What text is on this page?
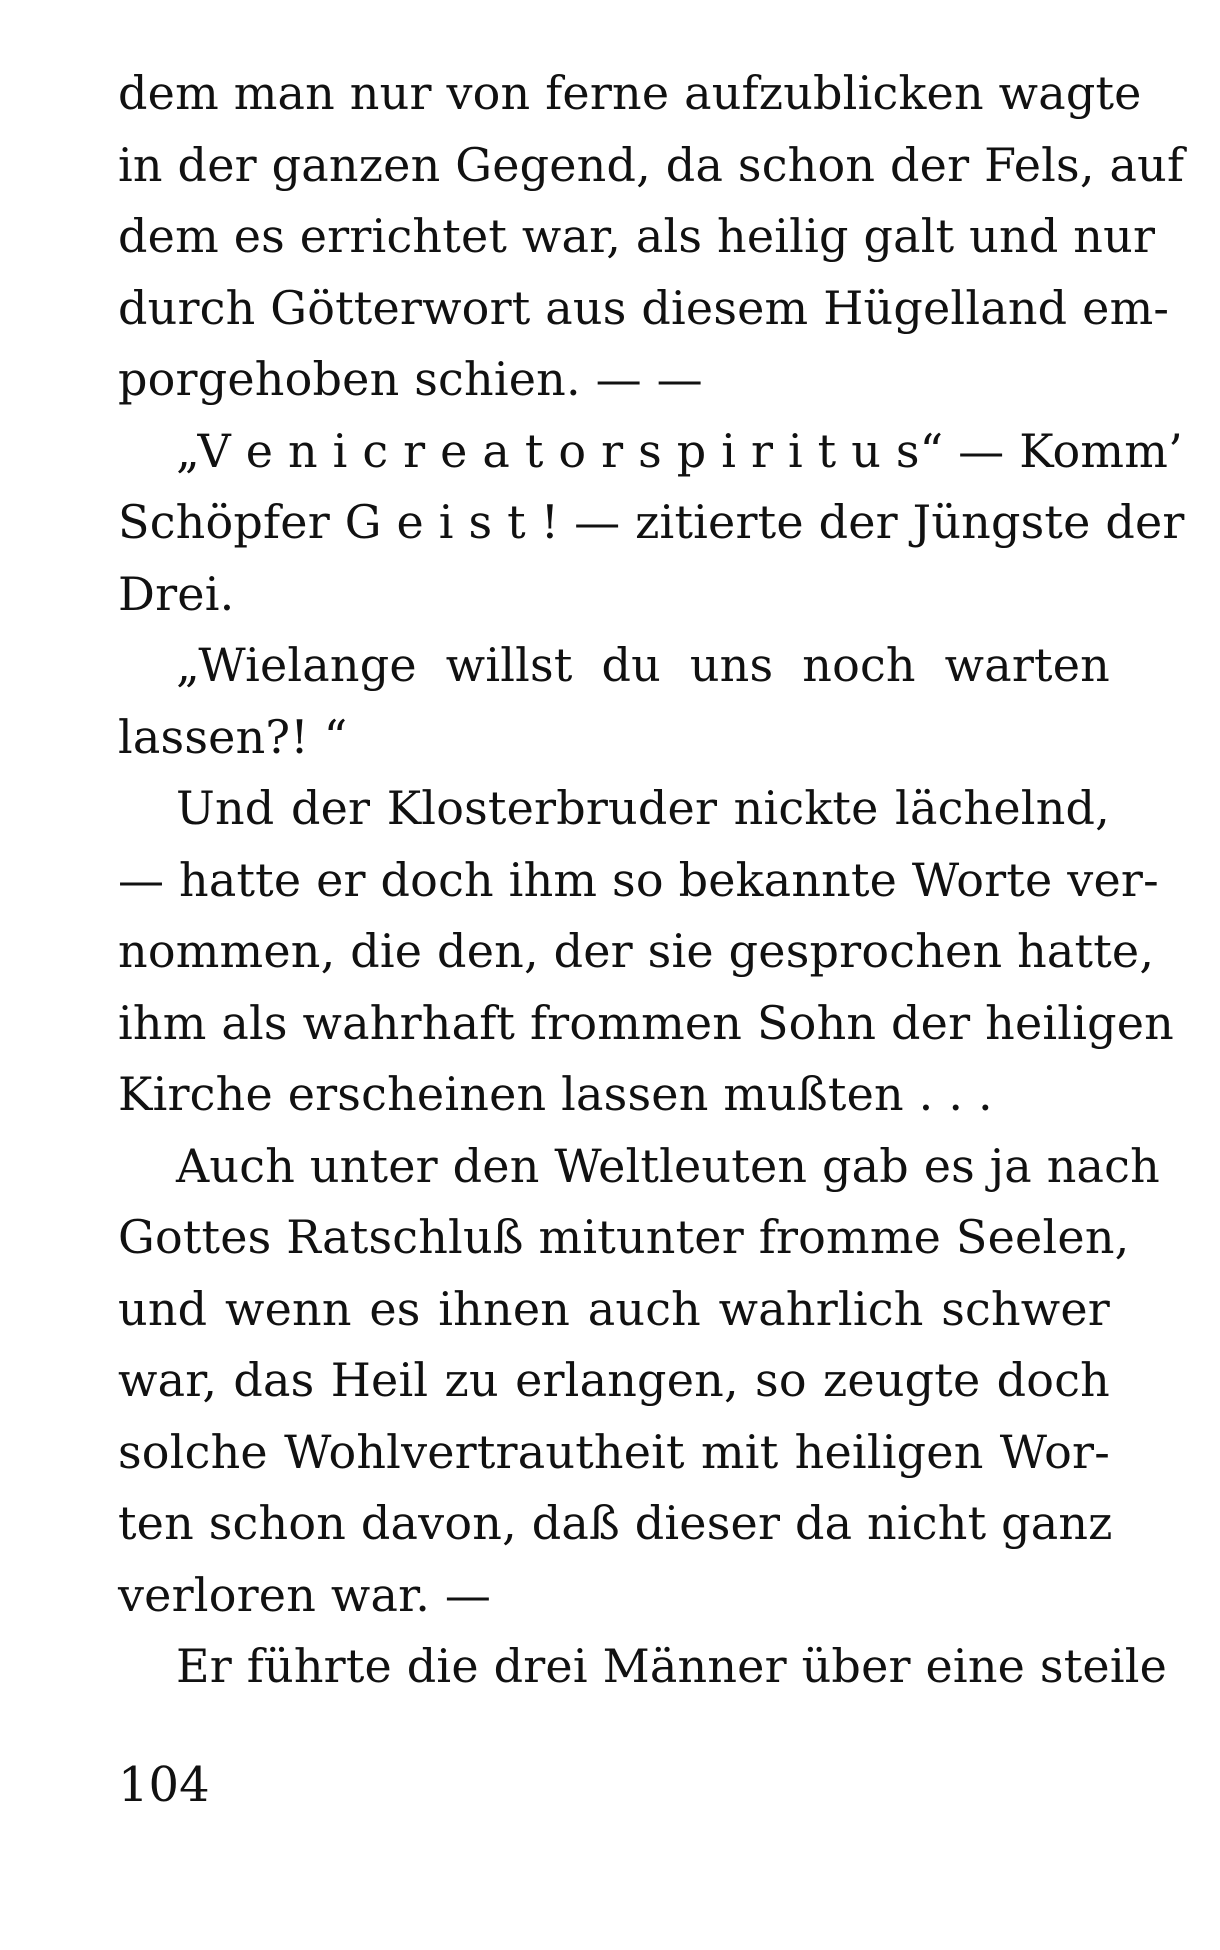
dem man nur von ferne aufzublicken wagte
in der ganzen Gegend, da schon der Fels, auf
dem es errichtet war, als heilig galt und nur
durch Götterwort aus diesem Hügelland em-
porgehoben schien. — —
„V e n i c r e a t o r s p i r i t u s“ — Komm’
Schöpfer G e i s t ! — zitierte der Jüngste der
Drei.
„Wielange willst du uns noch warten
lassen?! “
Und der Klosterbruder nickte lächelnd,
— hatte er doch ihm so bekannte Worte ver-
nommen, die den, der sie gesprochen hatte,
ihm als wahrhaft frommen Sohn der heiligen
Kirche erscheinen lassen mußten . . .
Auch unter den Weltleuten gab es ja nach
Gottes Ratschluß mitunter fromme Seelen,
und wenn es ihnen auch wahrlich schwer
war, das Heil zu erlangen, so zeugte doch
solche Wohlvertrautheit mit heiligen Wor-
ten schon davon, daß dieser da nicht ganz
verloren war. —
Er führte die drei Männer über eine steile
104
